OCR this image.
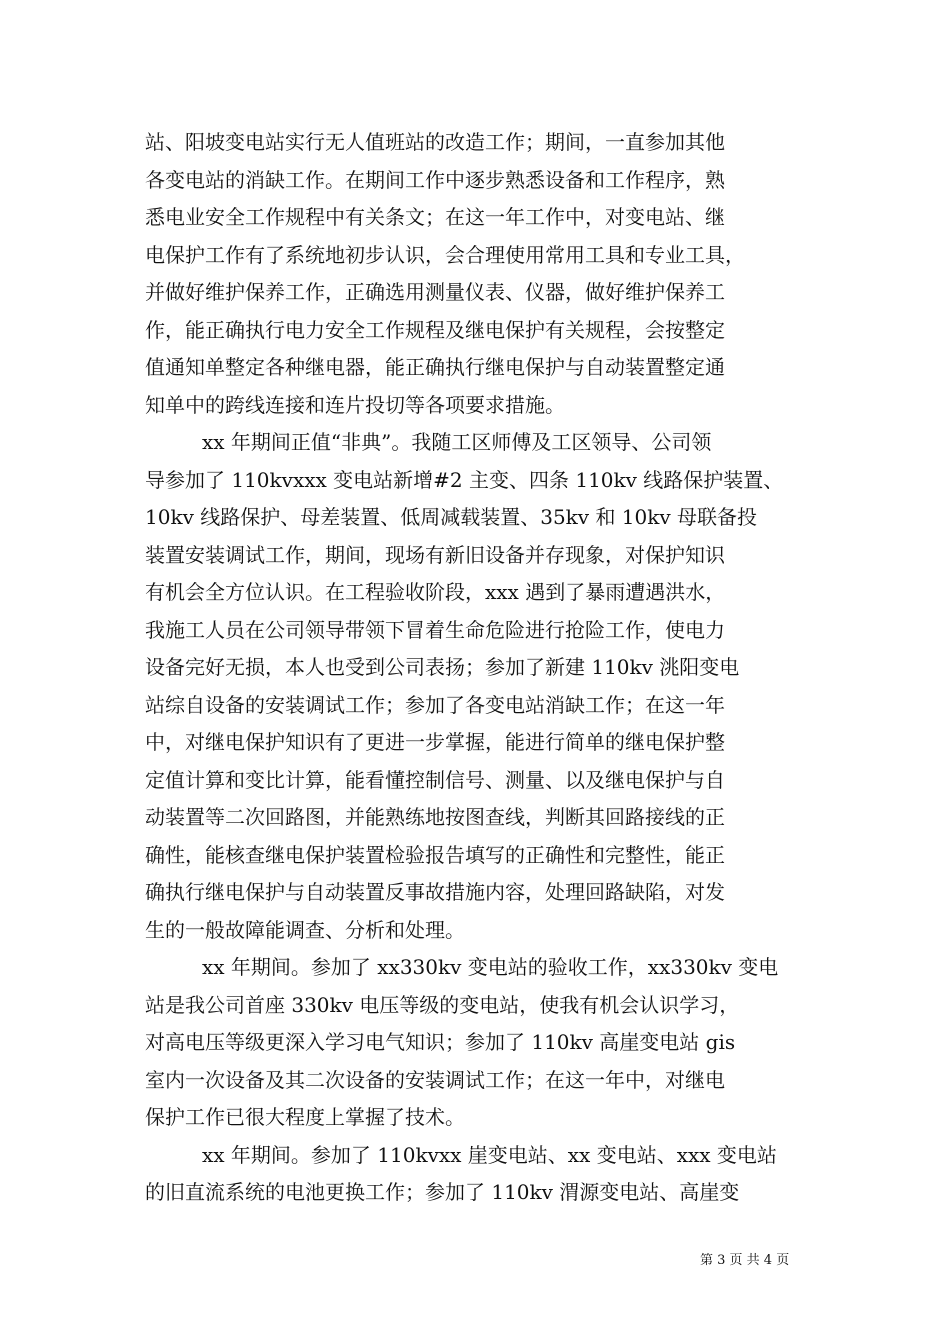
站、阳坡变电站实行无人值班站的改造工作；期间，一直参加其他
各变电站的消缺工作。在期间工作中逐步熟悉设备和工作程序，熟
悉电业安全工作规程中有关条文；在这一年工作中，对变电站、继
电保护工作有了系统地初步认识，会合理使用常用工具和专业工具，
并做好维护保养工作，正确选用测量仪表、仪器，做好维护保养工
作，能正确执行电力安全工作规程及继电保护有关规程，会按整定
值通知单整定各种继电器，能正确执行继电保护与自动装置整定通
知单中的跨线连接和连片投切等各项要求措施。
xx 年期间正值“非典”。我随工区师傅及工区领导、公司领
导参加了 110kvxxx 变电站新增#2 主变、四条 110kv 线路保护装置、
10kv 线路保护、母差装置、低周减载装置、35kv 和 10kv 母联备投
装置安装调试工作，期间，现场有新旧设备并存现象，对保护知识
有机会全方位认识。在工程验收阶段，xxx 遇到了暴雨遭遇洪水，
我施工人员在公司领导带领下冒着生命危险进行抢险工作，使电力
设备完好无损，本人也受到公司表扬；参加了新建 110kv 洮阳变电
站综自设备的安装调试工作；参加了各变电站消缺工作；在这一年
中，对继电保护知识有了更进一步掌握，能进行简单的继电保护整
定值计算和变比计算，能看懂控制信号、测量、以及继电保护与自
动装置等二次回路图，并能熟练地按图查线，判断其回路接线的正
确性，能核查继电保护装置检验报告填写的正确性和完整性，能正
确执行继电保护与自动装置反事故措施内容，处理回路缺陷，对发
生的一般故障能调查、分析和处理。
xx 年期间。参加了 xx330kv 变电站的验收工作，xx330kv 变电
站是我公司首座 330kv 电压等级的变电站，使我有机会认识学习，
对高电压等级更深入学习电气知识；参加了 110kv 高崖变电站 gis
室内一次设备及其二次设备的安装调试工作；在这一年中，对继电
保护工作已很大程度上掌握了技术。
xx 年期间。参加了 110kvxx 崖变电站、xx 变电站、xxx 变电站
的旧直流系统的电池更换工作；参加了 110kv 渭源变电站、高崖变
第 3 页 共 4 页
